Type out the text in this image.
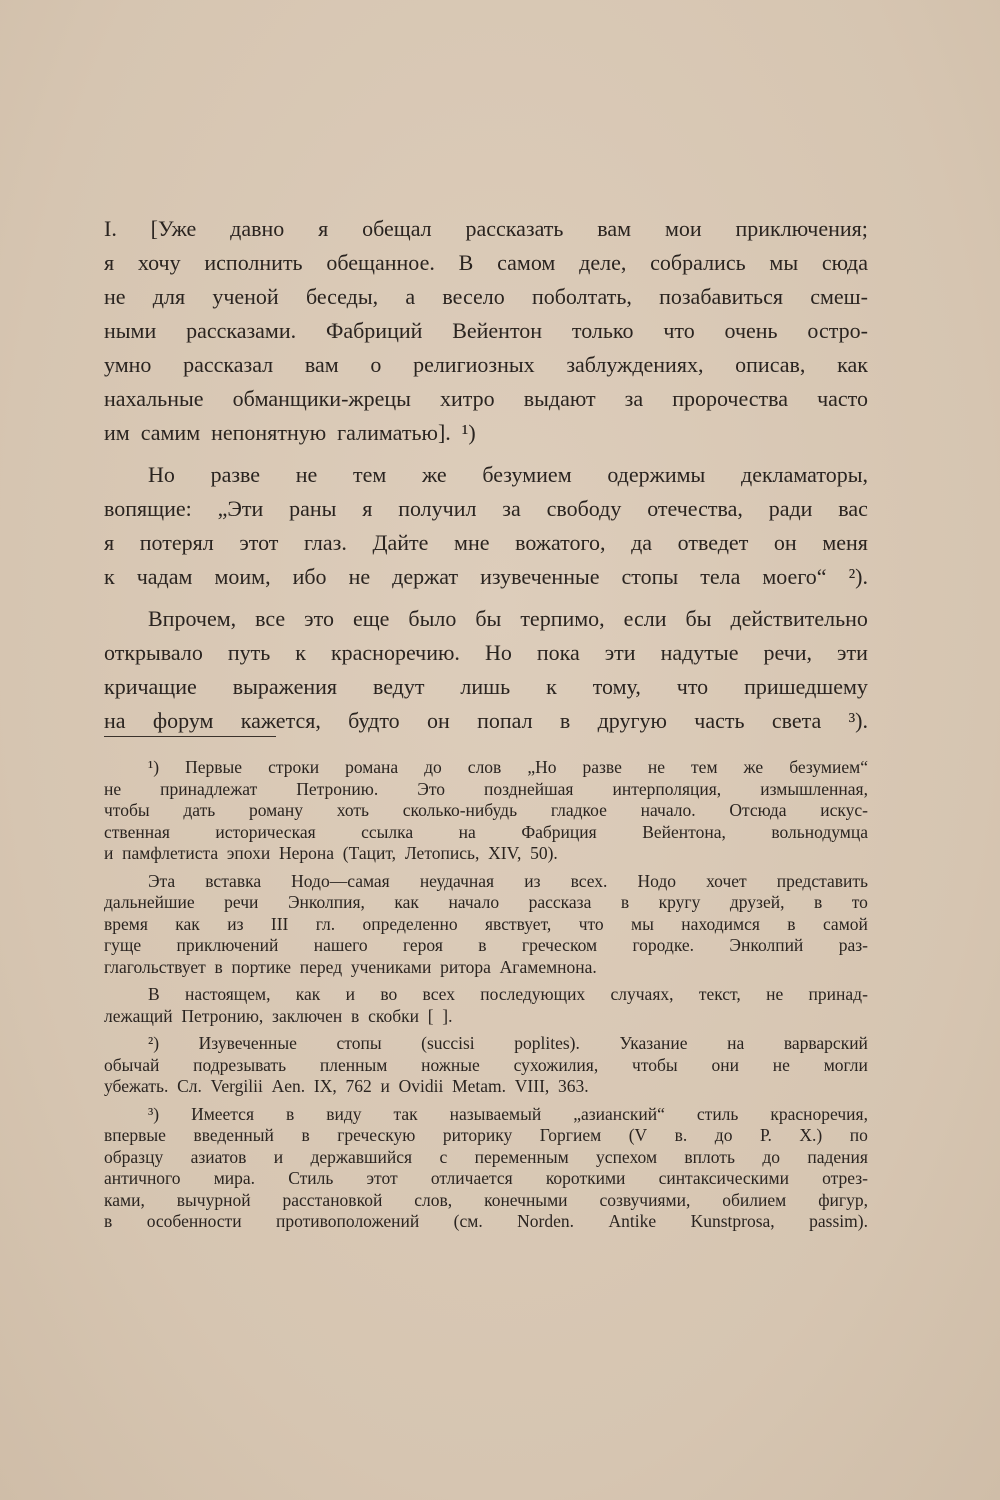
I. [Уже давно я обещал рассказать вам мои приключения;
я хочу исполнить обещанное. В самом деле, собрались мы сюда
не для ученой беседы, а весело поболтать, позабавиться смеш-
ными рассказами. Фабриций Вейентон только что очень остро-
умно рассказал вам о религиозных заблуждениях, описав, как
нахальные обманщики-жрецы хитро выдают за пророчества часто
им самим непонятную галиматью]. ¹)
Но разве не тем же безумием одержимы декламаторы,
вопящие: „Эти раны я получил за свободу отечества, ради вас
я потерял этот глаз. Дайте мне вожатого, да отведет он меня
к чадам моим, ибо не держат изувеченные стопы тела моего“ ²).
Впрочем, все это еще было бы терпимо, если бы действительно
открывало путь к красноречию. Но пока эти надутые речи, эти
кричащие выражения ведут лишь к тому, что пришедшему
на форум кажется, будто он попал в другую часть света ³).
¹) Первые строки романа до слов „Но разве не тем же безумием“
не принадлежат Петронию. Это позднейшая интерполяция, измышленная,
чтобы дать роману хоть сколько-нибудь гладкое начало. Отсюда искус-
ственная	историческая	ссылка	на	Фабриция	Вейентона,	вольнодумца
и памфлетиста эпохи Нерона (Тацит, Летопись, XIV, 50).
Эта вставка Нодо—самая неудачная из всех. Нодо хочет представить
дальнейшие речи Энколпия, как начало рассказа в кругу друзей, в то
время как из III гл. определенно явствует, что мы находимся в самой
гуще приключений нашего героя в греческом городке. Энколпий раз-
глагольствует в портике перед учениками ритора Агамемнона.
В настоящем, как и во всех последующих случаях, текст, не принад-
лежащий Петронию, заключен в скобки [ ].
²) Изувеченные стопы (succisi poplites). Указание на варварский
обычай подрезывать пленным ножные сухожилия, чтобы они не могли
убежать. Сл. Vergilii Aen. IX, 762 и Ovidii Metam. VIII, 363.
³) Имеется в виду так называемый „азианский“ стиль красноречия,
впервые введенный в греческую риторику Горгием (V в. до Р. Х.) по
образцу азиатов и державшийся с переменным успехом вплоть до падения
античного мира. Стиль этот отличается короткими синтаксическими отрез-
ками, вычурной расстановкой слов, конечными созвучиями, обилием фигур,
в особенности противоположений (см. Norden. Antike Kunstprosa, passim).
